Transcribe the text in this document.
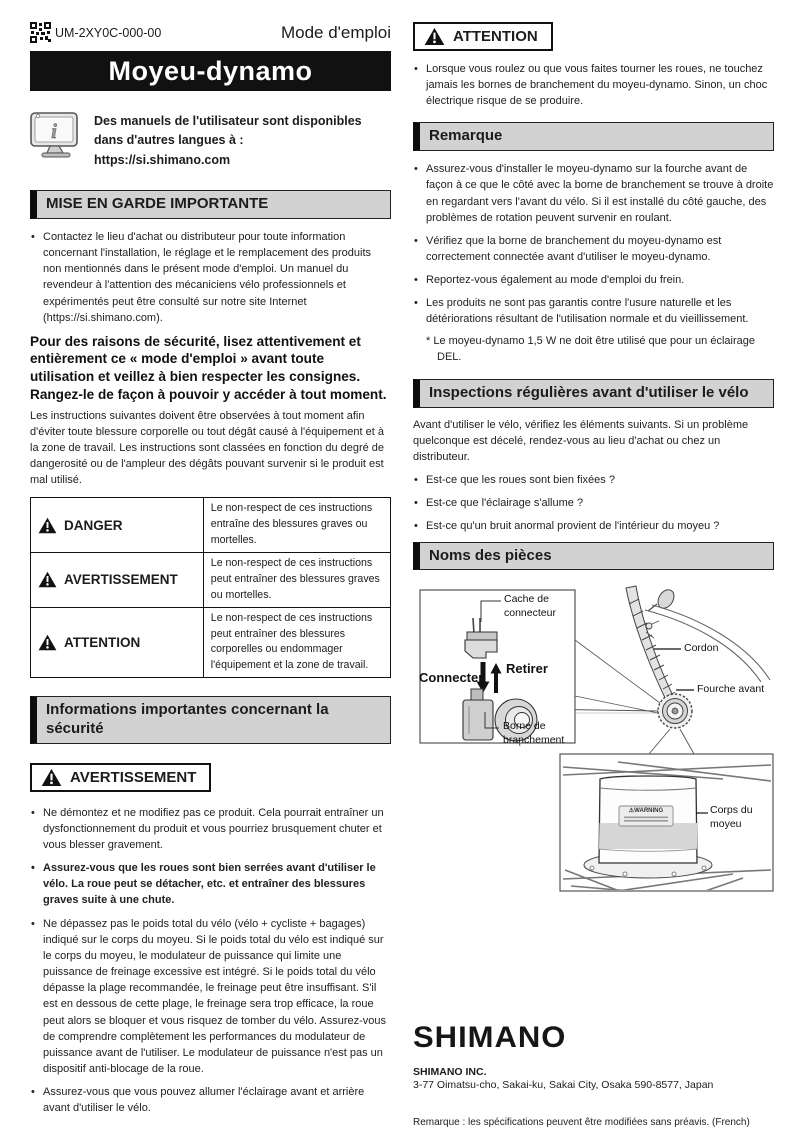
UM-2XY0C-000-00	Mode d'emploi
Moyeu-dynamo
i	Des manuels de l'utilisateur sont disponibles dans d'autres langues à :
https://si.shimano.com
MISE EN GARDE IMPORTANTE
• Contactez le lieu d'achat ou distributeur pour toute information concernant l'installation, le réglage et le remplacement des produits non mentionnés dans le présent mode d'emploi. Un manuel du revendeur à l'attention des mécaniciens vélo professionnels et expérimentés peut être consulté sur notre site Internet (https://si.shimano.com).
Pour des raisons de sécurité, lisez attentivement et entièrement ce « mode d'emploi » avant toute utilisation et veillez à bien respecter les consignes. Rangez-le de façon à pouvoir y accéder à tout moment.
Les instructions suivantes doivent être observées à tout moment afin d'éviter toute blessure corporelle ou tout dégât causé à l'équipement et à la zone de travail. Les instructions sont classées en fonction du degré de dangerosité ou de l'ampleur des dégâts pouvant survenir si le produit est mal utilisé.
DANGER	Le non-respect de ces instructions entraîne des blessures graves ou mortelles.

AVERTISSEMENT	Le non-respect de ces instructions peut entraîner des blessures graves ou mortelles.

ATTENTION	Le non-respect de ces instructions peut entraîner des blessures corporelles ou endommager l'équipement et la zone de travail.
Informations importantes concernant la sécurité
AVERTISSEMENT
• Ne démontez et ne modifiez pas ce produit. Cela pourrait entraîner un dysfonctionnement du produit et vous pourriez brusquement chuter et vous blesser gravement.
• Assurez-vous que les roues sont bien serrées avant d'utiliser le vélo. La roue peut se détacher, etc. et entraîner des blessures graves suite à une chute.
• Ne dépassez pas le poids total du vélo (vélo + cycliste + bagages) indiqué sur le corps du moyeu. Si le poids total du vélo est indiqué sur le corps du moyeu, le modulateur de puissance qui limite une puissance de freinage excessive est intégré. Si le poids total du vélo dépasse la plage recommandée, le freinage peut être insuffisant. S'il est en dessous de cette plage, le freinage sera trop efficace, la roue peut alors se bloquer et vous risquez de tomber du vélo. Assurez-vous de comprendre complètement les performances du modulateur de puissance avant de l'utiliser. Le modulateur de puissance n'est pas un dispositif anti-blocage de la roue.
• Assurez-vous que vous pouvez allumer l'éclairage avant et arrière avant d'utiliser le vélo.
ATTENTION
• Lorsque vous roulez ou que vous faites tourner les roues, ne touchez jamais les bornes de branchement du moyeu-dynamo. Sinon, un choc électrique risque de se produire.
Remarque
• Assurez-vous d'installer le moyeu-dynamo sur la fourche avant de façon à ce que le côté avec la borne de branchement se trouve à droite en regardant vers l'avant du vélo. Si il est installé du côté gauche, des problèmes de rotation peuvent survenir en roulant.
• Vérifiez que la borne de branchement du moyeu-dynamo est correctement connectée avant d'utiliser le moyeu-dynamo.
• Reportez-vous également au mode d'emploi du frein.
• Les produits ne sont pas garantis contre l'usure naturelle et les détériorations résultant de l'utilisation normale et du vieillissement.
* Le moyeu-dynamo 1,5 W ne doit être utilisé que pour un éclairage DEL.
Inspections régulières avant d'utiliser le vélo
Avant d'utiliser le vélo, vérifiez les éléments suivants. Si un problème quelconque est décelé, rendez-vous au lieu d'achat ou chez un distributeur.
• Est-ce que les roues sont bien fixées ?
• Est-ce que l'éclairage s'allume ?
• Est-ce qu'un bruit anormal provient de l'intérieur du moyeu ?
Noms des pièces
Cache de connecteur
Connecter
Retirer
Borne de branchement
Cordon
Fourche avant
⚠WARNING	Corps du moyeu
SHIMANO
SHIMANO INC.
3-77 Oimatsu-cho, Sakai-ku, Sakai City, Osaka 590-8577, Japan
Remarque : les spécifications peuvent être modifiées sans préavis. (French)
